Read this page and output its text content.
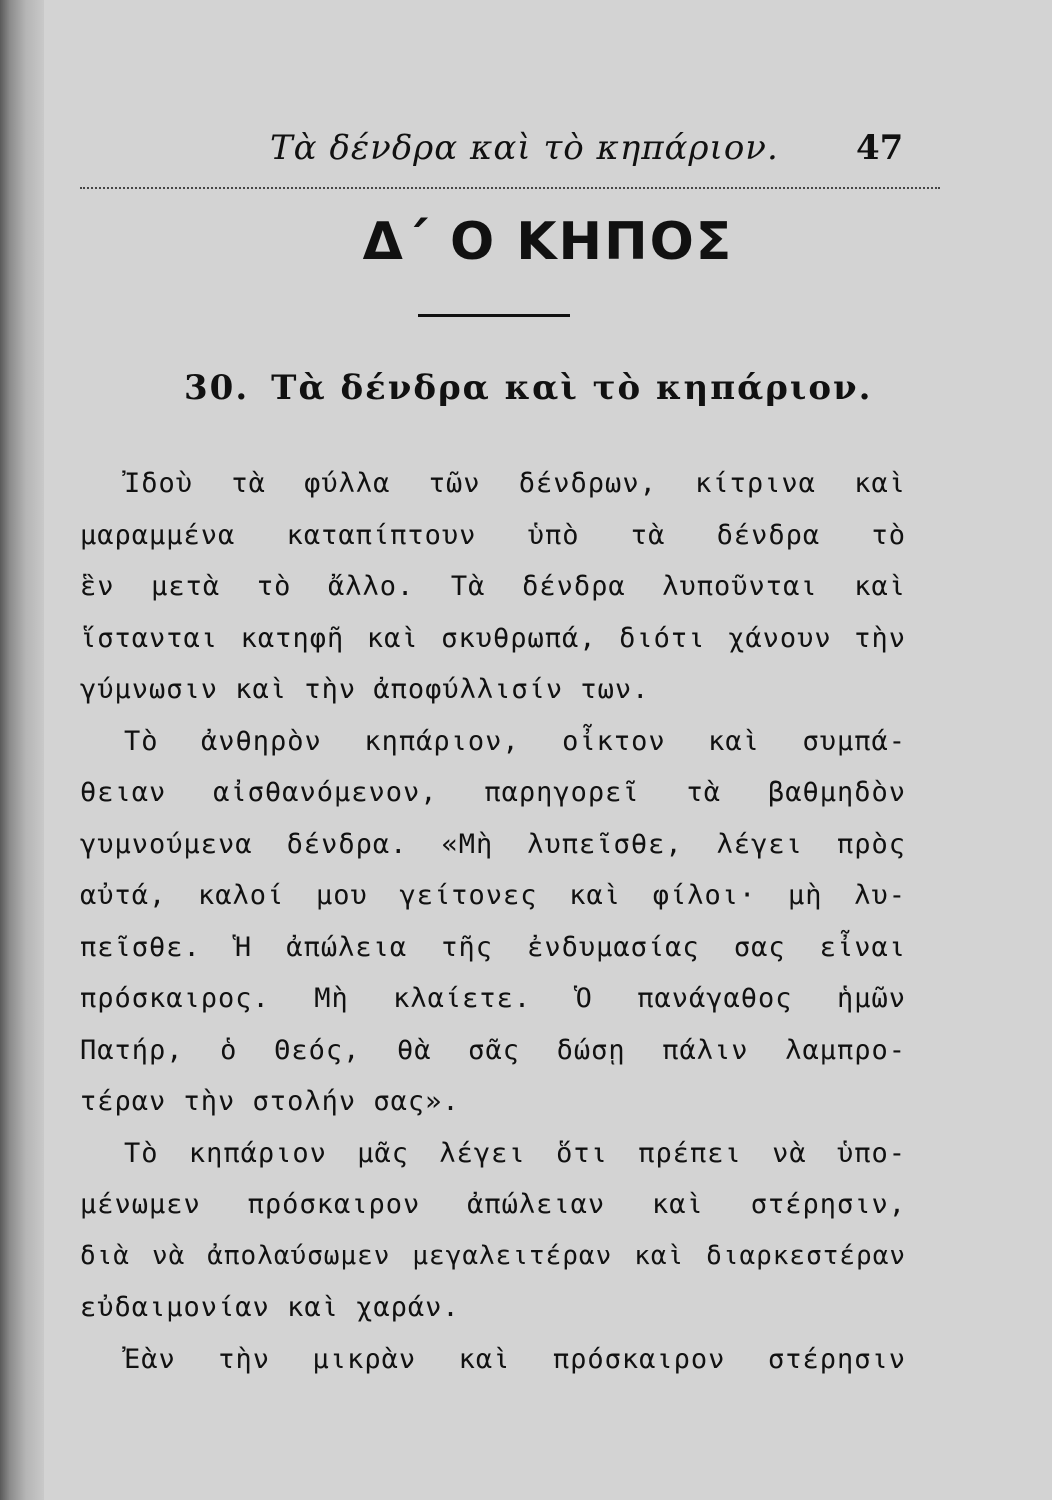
Τὰ δένδρα καὶ τὸ κηπάριον. 47
Δ΄ Ο ΚΗΠΟΣ
30. Τὰ δένδρα καὶ τὸ κηπάριον.
Ἰδοὺ τὰ φύλλα τῶν δένδρων, κίτρινα καὶ
μαραμμένα καταπίπτουν ὑπὸ τὰ δένδρα τὸ
ἓν μετὰ τὸ ἄλλο. Τὰ δένδρα λυποῦνται καὶ
ἵστανται κατηφῆ καὶ σκυθρωπά, διότι χάνουν τὴν
γύμνωσιν καὶ τὴν ἀποφύλλισίν των.
Τὸ ἀνθηρὸν κηπάριον, οἶκτον καὶ συμπά-
θειαν αἰσθανόμενον, παρηγορεῖ τὰ βαθμηδὸν
γυμνούμενα δένδρα. «Μὴ λυπεῖσθε, λέγει πρὸς
αὐτά, καλοί μου γείτονες καὶ φίλοι· μὴ λυ-
πεῖσθε. Ἡ ἀπώλεια τῆς ἐνδυμασίας σας εἶναι
πρόσκαιρος. Μὴ κλαίετε. Ὁ πανάγαθος ἡμῶν
Πατήρ, ὁ Θεός, θὰ σᾶς δώσῃ πάλιν λαμπρο-
τέραν τὴν στολήν σας».
Τὸ κηπάριον μᾶς λέγει ὅτι πρέπει νὰ ὑπο-
μένωμεν πρόσκαιρον ἀπώλειαν καὶ στέρησιν,
διὰ νὰ ἀπολαύσωμεν μεγαλειτέραν καὶ διαρκεστέραν
εὐδαιμονίαν καὶ χαράν.
Ἐὰν τὴν μικρὰν καὶ πρόσκαιρον στέρησιν
